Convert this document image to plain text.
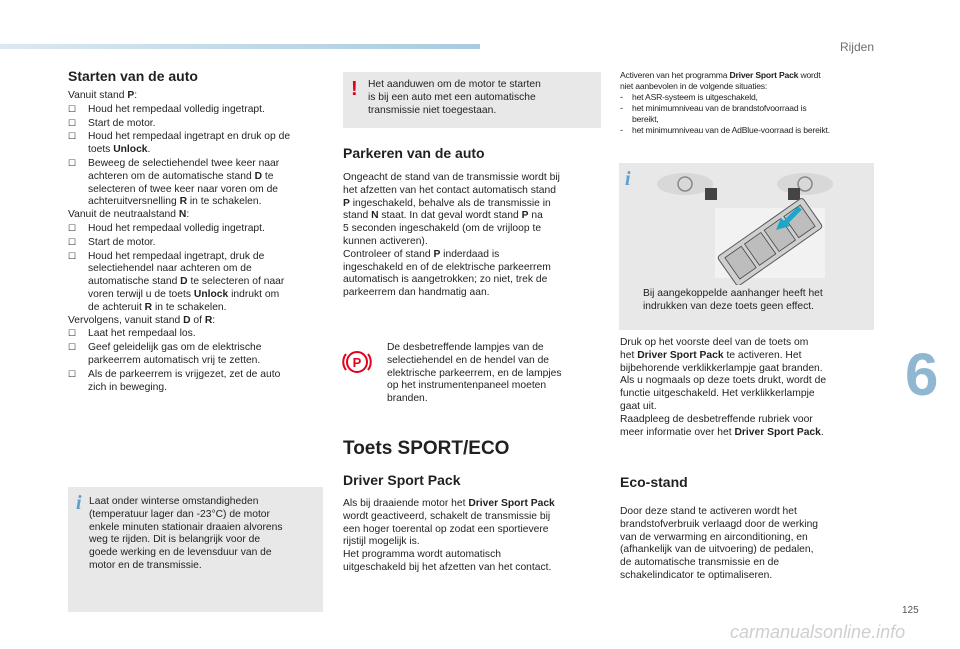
Rijden
6
125
carmanualsonline.info
Starten van de auto
Vanuit stand P:
☐ Houd het rempedaal volledig ingetrapt.
☐ Start de motor.
☐ Houd het rempedaal ingetrapt en druk op de
toets Unlock.
☐ Beweeg de selectiehendel twee keer naar
achteren om de automatische stand D te
selecteren of twee keer naar voren om de
achteruitversnelling R in te schakelen.
Vanuit de neutraalstand N:
☐ Houd het rempedaal volledig ingetrapt.
☐ Start de motor.
☐ Houd het rempedaal ingetrapt, druk de
selectiehendel naar achteren om de
automatische stand D te selecteren of naar
voren terwijl u de toets Unlock indrukt om
de achteruit R in te schakelen.
Vervolgens, vanuit stand D of R:
☐ Laat het rempedaal los.
☐ Geef geleidelijk gas om de elektrische
parkeerrem automatisch vrij te zetten.
☐ Als de parkeerrem is vrijgezet, zet de auto
zich in beweging.
i Laat onder winterse omstandigheden
(temperatuur lager dan -23°C) de motor
enkele minuten stationair draaien alvorens
weg te rijden. Dit is belangrijk voor de
goede werking en de levensduur van de
motor en de transmissie.
! Het aanduwen om de motor te starten
is bij een auto met een automatische
transmissie niet toegestaan.
Parkeren van de auto
Ongeacht de stand van de transmissie wordt bij
het afzetten van het contact automatisch stand
P ingeschakeld, behalve als de transmissie in
stand N staat. In dat geval wordt stand P na
5 seconden ingeschakeld (om de vrijloop te
kunnen activeren).
Controleer of stand P inderdaad is
ingeschakeld en of de elektrische parkeerrem
automatisch is aangetrokken; zo niet, trek de
parkeerrem dan handmatig aan.
P
De desbetreffende lampjes van de
selectiehendel en de hendel van de
elektrische parkeerrem, en de lampjes
op het instrumentenpaneel moeten
branden.
Toets SPORT/ECO
Driver Sport Pack
Als bij draaiende motor het Driver Sport Pack
wordt geactiveerd, schakelt de transmissie bij
een hoger toerental op zodat een sportievere
rijstijl mogelijk is.
Het programma wordt automatisch
uitgeschakeld bij het afzetten van het contact.
Activeren van het programma Driver Sport Pack wordt
niet aanbevolen in de volgende situaties:
- het ASR-systeem is uitgeschakeld,
- het minimumniveau van de brandstofvoorraad is
bereikt,
- het minimumniveau van de AdBlue-voorraad is bereikt.
i
Bij aangekoppelde aanhanger heeft het
indrukken van deze toets geen effect.
Druk op het voorste deel van de toets om
het Driver Sport Pack te activeren. Het
bijbehorende verklikkerlampje gaat branden.
Als u nogmaals op deze toets drukt, wordt de
functie uitgeschakeld. Het verklikkerlampje
gaat uit.
Raadpleeg de desbetreffende rubriek voor
meer informatie over het Driver Sport Pack.
Eco-stand
Door deze stand te activeren wordt het
brandstofverbruik verlaagd door de werking
van de verwarming en airconditioning, en
(afhankelijk van de uitvoering) de pedalen,
de automatische transmissie en de
schakelindicator te optimaliseren.
